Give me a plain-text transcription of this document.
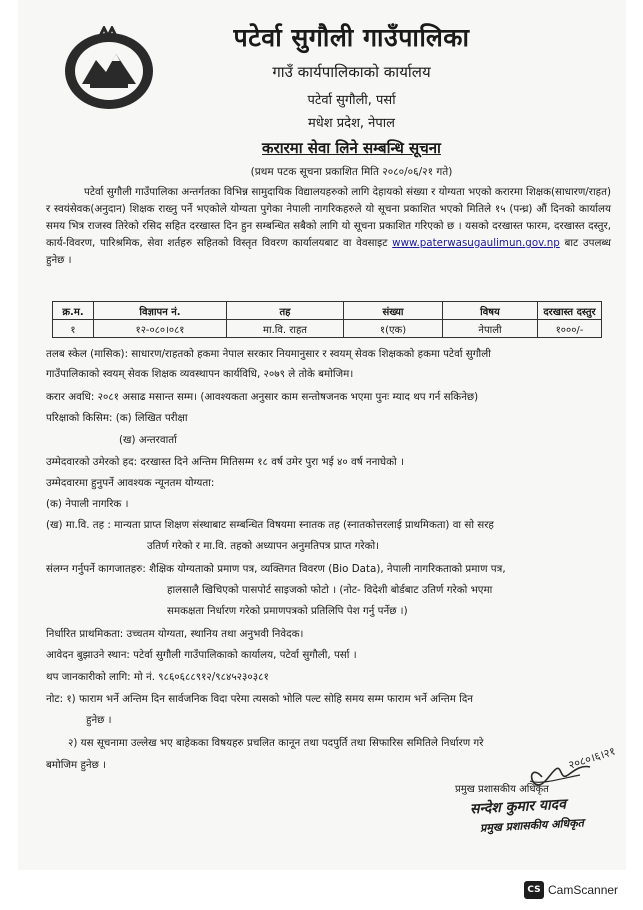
पटेर्वा सुगौली गाउँपालिका
गाउँ कार्यपालिकाको कार्यालय
पटेर्वा सुगौली, पर्सा
मधेश प्रदेश, नेपाल
करारमा सेवा लिने सम्बन्धि सूचना
(प्रथम पटक सूचना प्रकाशित मिति २०८०/०६/२१ गते)
पटेर्वा सुगौली गाउँपालिका अन्तर्गतका विभिन्न सामुदायिक विद्यालयहरुको लागि देहायको संख्या र योग्यता भएको करारमा शिक्षक(साधारण/राहत) र स्वयंसेवक(अनुदान) शिक्षक राख्नु पर्ने भएकोले योग्यता पुगेका नेपाली नागरिकहरुले यो सूचना प्रकाशित भएको मितिले १५ (पन्ध्र) औं दिनको कार्यालय समय भित्र राजस्व तिरेको रसिद सहित दरखास्त दिन हुन सम्बन्धित सबैको लागि यो सूचना प्रकाशित गरिएको छ । यसको दरखास्त फारम, दरखास्त दस्तुर, कार्य-विवरण, पारिश्रमिक, सेवा शर्तहरु सहितको विस्तृत विवरण कार्यालयबाट वा वेवसाइट www.paterwasugaulimun.gov.np बाट उपलब्ध हुनेछ ।
क्र.म.	विज्ञापन नं.	तह	संख्या	विषय	दरखास्त दस्तुर
१	१२-०८०।०८१	मा.वि. राहत	१(एक)	नेपाली	१०००/-
तलब स्केल (मासिक): साधारण/राहतको हकमा नेपाल सरकार नियमानुसार र स्वयम् सेवक शिक्षकको हकमा पटेर्वा सुगौली
गाउँपालिकाको स्वयम् सेवक शिक्षक व्यवस्थापन कार्यविधि, २०७९ ले तोके बमोजिम।
करार अवधि: २०८१ असाढ मसान्त सम्म। (आवश्यकता अनुसार काम सन्तोषजनक भएमा पुनः म्याद थप गर्न सकिनेछ)
परिक्षाको किसिम: (क) लिखित परीक्षा
(ख) अन्तरवार्ता
उम्मेदवारको उमेरको हद: दरखास्त दिने अन्तिम मितिसम्म १८ वर्ष उमेर पुरा भई ४० वर्ष ननाघेको ।
उम्मेदवारमा हुनुपर्ने आवश्यक न्यूनतम योग्यता:
(क) नेपाली नागरिक ।
(ख) मा.वि. तह : मान्यता प्राप्त शिक्षण संस्थाबाट सम्बन्धित विषयमा स्नातक तह (स्नातकोत्तरलाई प्राथमिकता) वा सो सरह
उतिर्ण गरेको र मा.वि. तहको अध्यापन अनुमतिपत्र प्राप्त गरेको।
संलग्न गर्नुपर्ने कागजातहरु: शैक्षिक योग्यताको प्रमाण पत्र, व्यक्तिगत विवरण (Bio Data), नेपाली नागरिकताको प्रमाण पत्र,
हालसालै खिचिएको पासपोर्ट साइजको फोटो । (नोट- विदेशी बोर्डबाट उतिर्ण गरेको भएमा
समकक्षता निर्धारण गरेको प्रमाणपत्रको प्रतिलिपि पेश गर्नु पर्नेछ ।)
निर्धारित प्राथमिकता: उच्चतम योग्यता, स्थानिय तथा अनुभवी निवेदक।
आवेदन बुझाउने स्थान: पटेर्वा सुगौली गाउँपालिकाको कार्यालय, पटेर्वा सुगौली, पर्सा ।
थप जानकारीको लागि: मो नं. ९८६०६८८९१२/९८४५२३०३८१
नोट: १) फाराम भर्ने अन्तिम दिन सार्वजनिक विदा परेमा त्यसको भोलि पल्ट सोहि समय सम्म फाराम भर्ने अन्तिम दिन
हुनेछ ।
२) यस सूचनामा उल्लेख भए बाहेकका विषयहरु प्रचलित कानून तथा पदपुर्ति तथा सिफारिस समितिले निर्धारण गरे
बमोजिम हुनेछ ।	२०८०।६।२१
प्रमुख प्रशासकीय अधिकृत
सन्देश कुमार यादव
प्रमुख प्रशासकीय अधिकृत
CS CamScanner
